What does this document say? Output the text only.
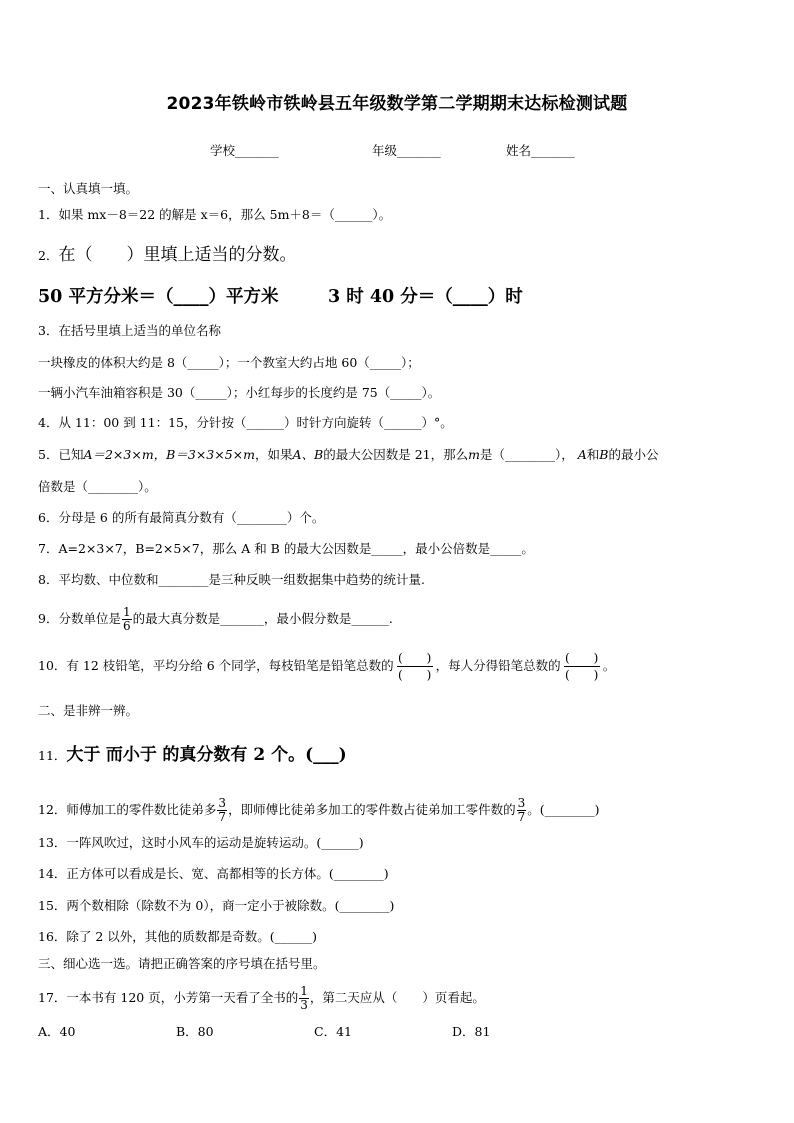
2023年铁岭市铁岭县五年级数学第二学期期末达标检测试题
学校_______	年级_______	姓名_______
一、认真填一填。
1．如果 mx－8＝22 的解是 x＝6，那么 5m＋8＝（______）。
2．在（　　）里填上适当的分数。
50 平方分米＝（____）平方米	3 时 40 分＝（____）时
3．在括号里填上适当的单位名称
一块橡皮的体积大约是 8（_____）；一个教室大约占地 60（_____）；
一辆小汽车油箱容积是 30（_____）；小红每步的长度约是 75（_____）。
4．从 11：00 到 11：15，分针按（______）时针方向旋转（______）°。
5．已知A＝2×3×m，B＝3×3×5×m，如果A、B的最大公因数是 21，那么m是（________）， A和B的最小公
倍数是（________）。
6．分母是 6 的所有最简真分数有（________）个。
7．A=2×3×7，B=2×5×7，那么 A 和 B 的最大公因数是_____，最小公倍数是_____。
8．平均数、中位数和________是三种反映一组数据集中趋势的统计量.
9．分数单位是 $\frac{1}{6}$ 的最大真分数是_______，最小假分数是______.
10．有 12 枝铅笔，平均分给 6 个同学，每枝铅笔是铅笔总数的 $\frac{( )}{( )}$ ，每人分得铅笔总数的 $\frac{( )}{( )}$ 。
二、是非辨一辨。
11．大于 而小于 的真分数有 2 个。(___)
12．师傅加工的零件数比徒弟多 $\frac{3}{7}$ ，即师傅比徒弟多加工的零件数占徒弟加工零件数的 $\frac{3}{7}$ 。(________)
13．一阵风吹过，这时小风车的运动是旋转运动。(______)
14．正方体可以看成是长、宽、高都相等的长方体。(________)
15．两个数相除（除数不为 0），商一定小于被除数。(________)
16．除了 2 以外，其他的质数都是奇数。(______)
三、细心选一选。请把正确答案的序号填在括号里。
17．一本书有 120 页，小芳第一天看了全书的 $\frac{1}{3}$ ，第二天应从（　　）页看起。
A．40	B．80	C．41	D．81
